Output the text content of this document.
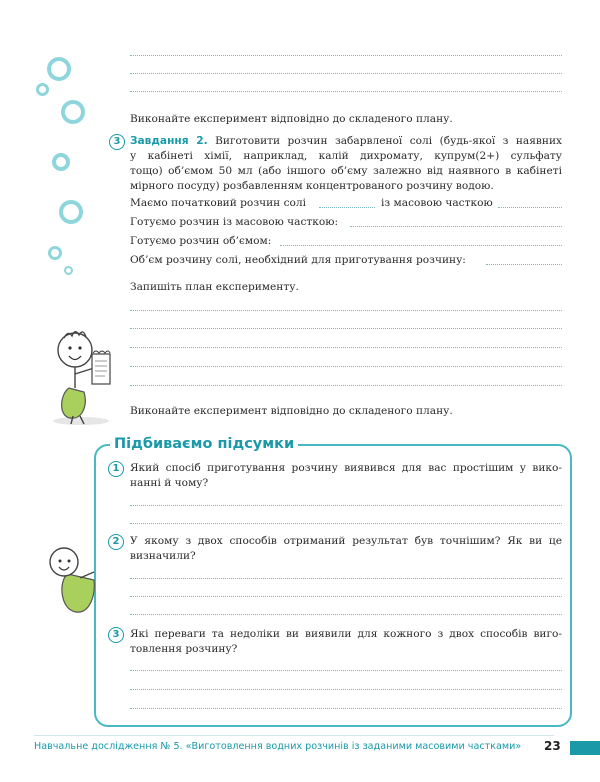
Виконайте експеримент відповідно до складеного плану.
3 Завдання 2. Виготовити розчин забарвленої солі (будь-якої з наявних
у кабінеті хімії, наприклад, калій дихромату, купрум(2+) сульфату
тощо) об’ємом 50 мл (або іншого об’єму залежно від наявного в кабінеті
мірного посуду) розбавленням концентрованого розчину водою.
Маємо початковий розчин солі	із масовою часткою
Готуємо розчин із масовою часткою:
Готуємо розчин об’ємом:
Об’єм розчину солі, необхідний для приготування розчину:
Запишіть план експерименту.
Виконайте експеримент відповідно до складеного плану.
Підбиваємо підсумки
1 Який спосіб приготування розчину виявився для вас простішим у вико-
нанні й чому?
2 У якому з двох способів отриманий результат був точнішим? Як ви це
визначили?
3 Які переваги та недоліки ви виявили для кожного з двох способів виго-
товлення розчину?
Навчальне дослідження № 5. «Виготовлення водних розчинів із заданими масовими частками» 23
